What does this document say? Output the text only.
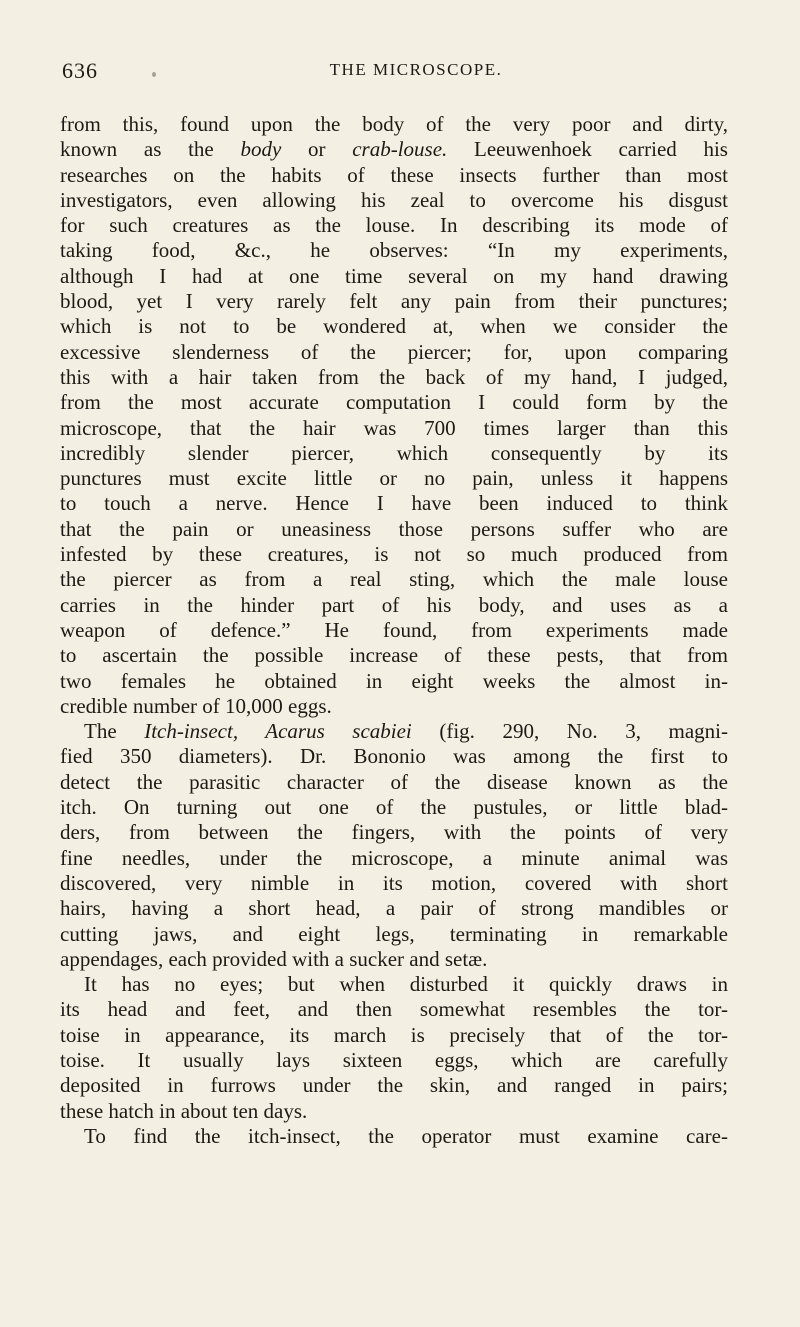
636	THE MICROSCOPE.
from this, found upon the body of the very poor and dirty,
known as the body or crab-louse. Leeuwenhoek carried his
researches on the habits of these insects further than most
investigators, even allowing his zeal to overcome his disgust
for such creatures as the louse. In describing its mode of
taking food, &c., he observes: “In my experiments,
although I had at one time several on my hand drawing
blood, yet I very rarely felt any pain from their punctures;
which is not to be wondered at, when we consider the
excessive slenderness of the piercer; for, upon comparing
this with a hair taken from the back of my hand, I judged,
from the most accurate computation I could form by the
microscope, that the hair was 700 times larger than this
incredibly slender piercer, which consequently by its
punctures must excite little or no pain, unless it happens
to touch a nerve. Hence I have been induced to think
that the pain or uneasiness those persons suffer who are
infested by these creatures, is not so much produced from
the piercer as from a real sting, which the male louse
carries in the hinder part of his body, and uses as a
weapon of defence.” He found, from experiments made
to ascertain the possible increase of these pests, that from
two females he obtained in eight weeks the almost in-
credible number of 10,000 eggs.
The Itch-insect, Acarus scabiei (fig. 290, No. 3, magni-
fied 350 diameters). Dr. Bononio was among the first to
detect the parasitic character of the disease known as the
itch. On turning out one of the pustules, or little blad-
ders, from between the fingers, with the points of very
fine needles, under the microscope, a minute animal was
discovered, very nimble in its motion, covered with short
hairs, having a short head, a pair of strong mandibles or
cutting jaws, and eight legs, terminating in remarkable
appendages, each provided with a sucker and setæ.
It has no eyes; but when disturbed it quickly draws in
its head and feet, and then somewhat resembles the tor-
toise in appearance, its march is precisely that of the tor-
toise. It usually lays sixteen eggs, which are carefully
deposited in furrows under the skin, and ranged in pairs;
these hatch in about ten days.
To find the itch-insect, the operator must examine care-
